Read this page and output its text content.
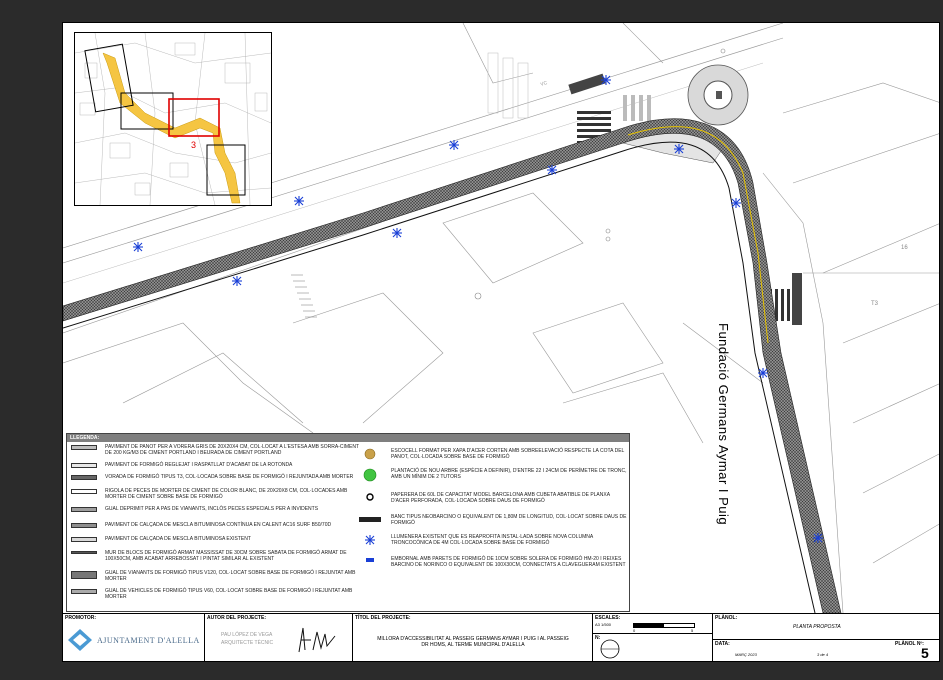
VC
T3
16
Fundació Germans Aymar I Puig
3
LLEGENDA:
PAVIMENT DE PANOT PER A VORERA GRIS DE 20X20X4 CM, COL·LOCAT A L'ESTESA AMB SORRA-CIMENT DE 200 KG/M3 DE CIMENT PORTLAND I BEURADA DE CIMENT PORTLAND
PAVIMENT DE FORMIGÓ REGLEJAT I RASPATLLAT D'ACABAT DE LA ROTONDA
VORADA DE FORMIGÓ TIPUS T3, COL·LOCADA SOBRE BASE DE FORMIGÓ I REJUNTADA AMB MORTER
RIGOLA DE PECES DE MORTER DE CIMENT DE COLOR BLANC, DE 20X20X8 CM, COL·LOCADES AMB MORTER DE CIMENT SOBRE BASE DE FORMIGÓ
GUAL DEPRIMIT PER A PAS DE VIANANTS, INCLÒS PECES ESPECIALS PER A INVIDENTS
PAVIMENT DE CALÇADA DE MESCLA BITUMINOSA CONTÍNUA EN CALENT AC16 SURF B50/70D
PAVIMENT DE CALÇADA DE MESCLA BITUMINOSA EXISTENT
MUR DE BLOCS DE FORMIGÓ ARMAT MASSISSAT DE 30CM SOBRE SABATA DE FORMIGÓ ARMAT DE 100X50CM, AMB ACABAT ARREBOSSAT I PINTAT SIMILAR AL EXISTENT
GUAL DE VIANANTS DE FORMIGÓ TIPUS V120, COL·LOCAT SOBRE BASE DE FORMIGÓ I REJUNTAT AMB MORTER
GUAL DE VEHICLES DE FORMIGÓ TIPUS V60, COL·LOCAT SOBRE BASE DE FORMIGÓ I REJUNTAT AMB MORTER
ESCOCELL FORMAT PER XAPA D'ACER CORTEN AMB SOBREELEVACIÓ RESPECTE LA COTA DEL PANOT, COL·LOCADA SOBRE BASE DE FORMIGÓ
PLANTACIÓ DE NOU ARBRE (ESPÈCIE A DEFINIR), D'ENTRE 22 I 24CM DE PERÍMETRE DE TRONC, AMB UN MÍNIM DE 2 TUTORS
PAPERERA DE 60L DE CAPACITAT MODEL BARCELONA AMB CUBETA ABATIBLE DE PLANXA D'ACER PERFORADA, COL·LOCADA SOBRE DAUS DE FORMIGÓ
BANC TIPUS NEOBARCINO O EQUIVALENT DE 1,80M DE LONGITUD, COL·LOCAT SOBRE DAUS DE FORMIGÓ
LLUMENERA EXISTENT QUE ES REAPROFITA INSTAL·LADA SOBRE NOVA COLUMNA TRONCOCÒNICA DE 4M COL·LOCADA SOBRE BASE DE FORMIGÓ
EMBORNAL AMB PARETS DE FORMIGÓ DE 10CM SOBRE SOLERA DE FORMIGÓ HM-20 I REIXES BARCINO DE NORINCO O EQUIVALENT DE 100X30CM, CONNECTATS A CLAVEGUERAM EXISTENT
PROMOTOR:
AJUNTAMENT D'ALELLA
AUTOR DEL PROJECTE:
PAU LÓPEZ DE VEGA
ARQUITECTE TÈCNIC
TÍTOL DEL PROJECTE:
MILLORA D'ACCESSIBILITAT AL PASSEIG GERMANS AYMAR I PUIG I AL PASSEIG DR HOMS, AL TERME MUNICIPAL D'ALELLA
ESCALES:
A3 1/500
0	5
N:
PLÀNOL:
PLANTA PROPOSTA
DATA:
MARÇ 2023	3 de 4
PLÀNOL Nº:
5
